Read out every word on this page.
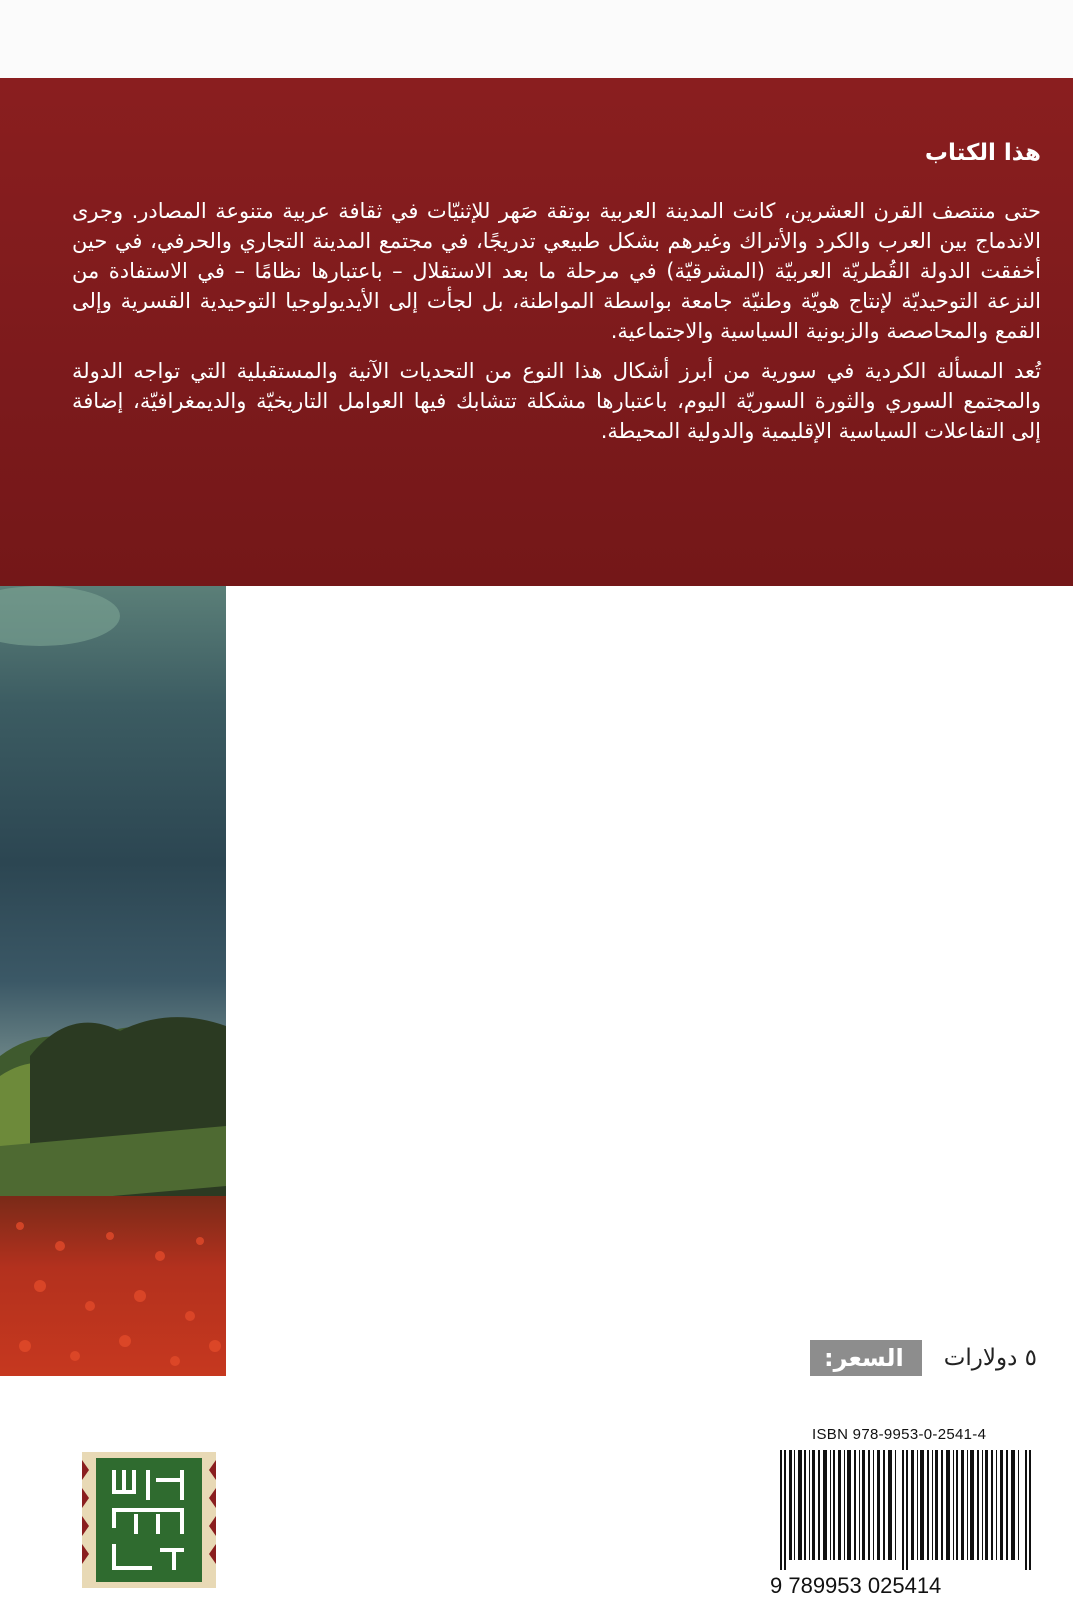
هذا الكتاب

حتى منتصف القرن العشرين، كانت المدينة العربية بوتقة صَهر للإثنيّات في ثقافة عربية متنوعة المصادر. وجرى الاندماج بين العرب والكرد والأتراك وغيرهم بشكل طبيعي تدريجًا، في مجتمع المدينة التجاري والحرفي، في حين أخفقت الدولة القُطريّة العربيّة (المشرقيّة) في مرحلة ما بعد الاستقلال – باعتبارها نظامًا – في الاستفادة من النزعة التوحيديّة لإنتاج هويّة وطنيّة جامعة بواسطة المواطنة، بل لجأت إلى الأيديولوجيا التوحيدية القسرية وإلى القمع والمحاصصة والزبونية السياسية والاجتماعية.

تُعد المسألة الكردية في سورية من أبرز أشكال هذا النوع من التحديات الآنية والمستقبلية التي تواجه الدولة والمجتمع السوري والثورة السوريّة اليوم، باعتبارها مشكلة تتشابك فيها العوامل التاريخيّة والديمغرافيّة، إضافة إلى التفاعلات السياسية الإقليمية والدولية المحيطة.

السعر:	٥ دولارات
ISBN 978-9953-0-2541-4
9 789953 025414
